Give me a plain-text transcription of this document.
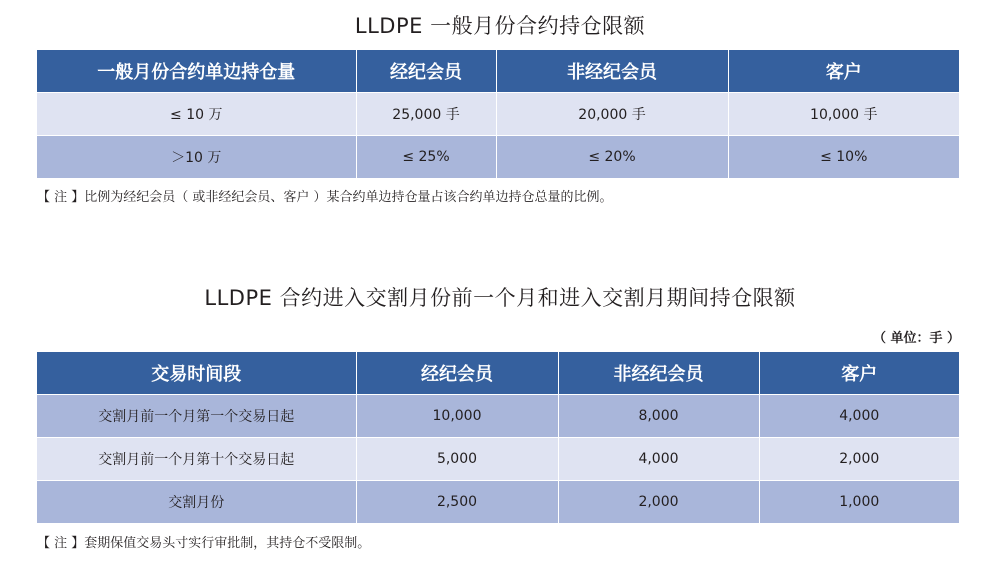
LLDPE 一般月份合约持仓限额
一般月份合约单边持仓量	经纪会员	非经纪会员	客户
≤ 10 万	25,000 手	20,000 手	10,000 手
＞10 万	≤ 25%	≤ 20%	≤ 10%
【 注 】比例为经纪会员（ 或非经纪会员、客户 ）某合约单边持仓量占该合约单边持仓总量的比例。
LLDPE 合约进入交割月份前一个月和进入交割月期间持仓限额
（ 单位：手 ）
交易时间段	经纪会员	非经纪会员	客户
交割月前一个月第一个交易日起	10,000	8,000	4,000
交割月前一个月第十个交易日起	5,000	4,000	2,000
交割月份	2,500	2,000	1,000
【 注 】套期保值交易头寸实行审批制，其持仓不受限制。
